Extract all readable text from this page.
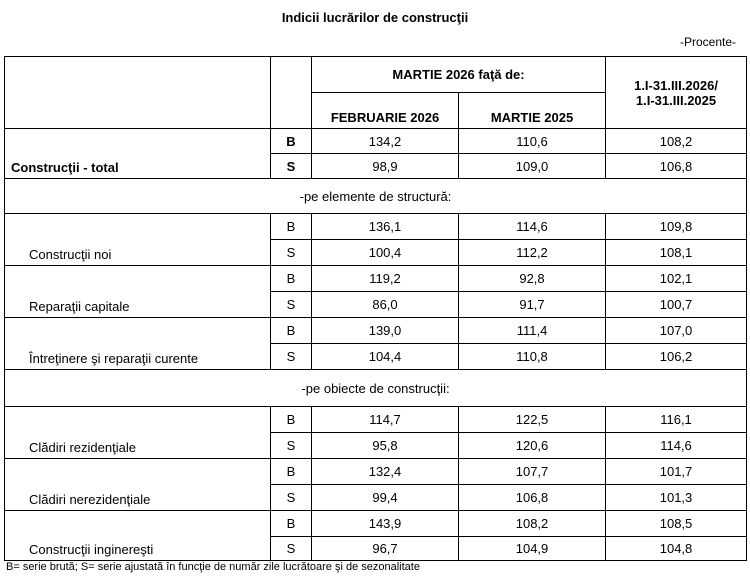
Indicii lucrărilor de construcţii
-Procente-
		MARTIE 2026 faţă de:		1.I-31.III.2026/
1.I-31.III.2025

		FEBRUARIE 2026	MARTIE 2025	
Construcţii - total	B	134,2	110,6	108,2
	S	98,9	109,0	106,8
-pe elemente de structură:				
Construcţii noi	B	136,1	114,6	109,8
	S	100,4	112,2	108,1
Reparaţii capitale	B	119,2	92,8	102,1
	S	86,0	91,7	100,7
Întreţinere şi reparaţii curente	B	139,0	111,4	107,0
	S	104,4	110,8	106,2
-pe obiecte de construcţii:				
Clădiri rezidenţiale	B	114,7	122,5	116,1
	S	95,8	120,6	114,6
Clădiri nerezidenţiale	B	132,4	107,7	101,7
	S	99,4	106,8	101,3
Construcţii inginereşti	B	143,9	108,2	108,5
	S	96,7	104,9	104,8
B= serie brută; S= serie ajustată în funcţie de număr zile lucrătoare şi de sezonalitate
